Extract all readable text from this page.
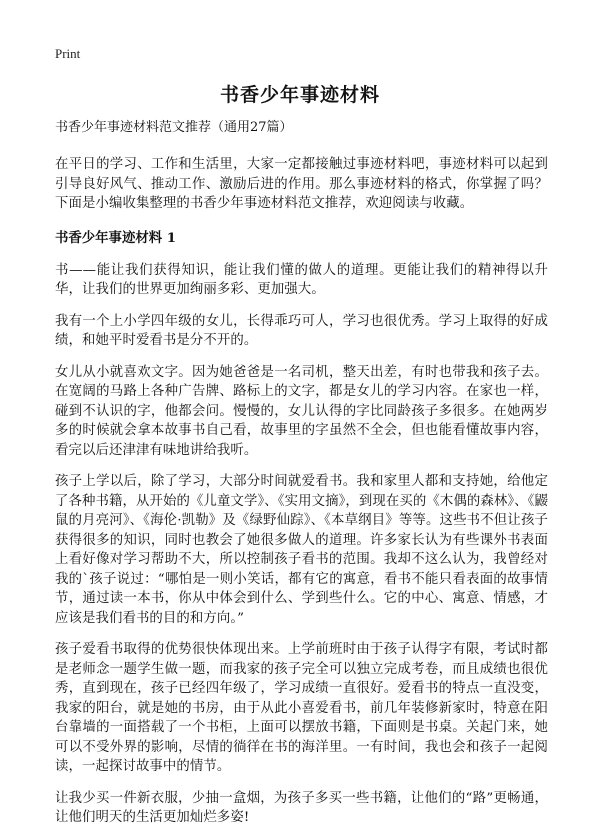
Print
书香少年事迹材料

书香少年事迹材料范文推荐（通用27篇）

在平日的学习、工作和生活里，大家一定都接触过事迹材料吧，事迹材料可以起到引导良好风气、推动工作、激励后进的作用。那么事迹材料的格式，你掌握了吗？下面是小编收集整理的书香少年事迹材料范文推荐，欢迎阅读与收藏。

书香少年事迹材料 1

书——能让我们获得知识，能让我们懂的做人的道理。更能让我们的精神得以升华，让我们的世界更加绚丽多彩、更加强大。

我有一个上小学四年级的女儿，长得乖巧可人，学习也很优秀。学习上取得的好成绩，和她平时爱看书是分不开的。

女儿从小就喜欢文字。因为她爸爸是一名司机，整天出差，有时也带我和孩子去。在宽阔的马路上各种广告牌、路标上的文字，都是女儿的学习内容。在家也一样，碰到不认识的字，他都会问。慢慢的，女儿认得的字比同龄孩子多很多。在她两岁多的时候就会拿本故事书自己看，故事里的字虽然不全会，但也能看懂故事内容，看完以后还津津有味地讲给我听。

孩子上学以后，除了学习，大部分时间就爱看书。我和家里人都和支持她，给他定了各种书籍，从开始的《儿童文学》、《实用文摘》，到现在买的《木偶的森林》、《鼹鼠的月亮河》、《海伦·凯勒》及《绿野仙踪》、《本草纲目》等等。这些书不但让孩子获得很多的知识，同时也教会了她很多做人的道理。许多家长认为有些课外书表面上看好像对学习帮助不大，所以控制孩子看书的范围。我却不这么认为，我曾经对我的`孩子说过：“哪怕是一则小笑话，都有它的寓意，看书不能只看表面的故事情节，通过读一本书，你从中体会到什么、学到些什么。它的中心、寓意、情感，才应该是我们看书的目的和方向。”

孩子爱看书取得的优势很快体现出来。上学前班时由于孩子认得字有限，考试时都是老师念一题学生做一题，而我家的孩子完全可以独立完成考卷，而且成绩也很优秀，直到现在，孩子已经四年级了，学习成绩一直很好。爱看书的特点一直没变，我家的阳台，就是她的书房，由于从此小喜爱看书，前几年装修新家时，特意在阳台靠墙的一面搭载了一个书柜，上面可以摆放书籍，下面则是书桌。关起门来，她可以不受外界的影响，尽情的徜徉在书的海洋里。一有时间，我也会和孩子一起阅读，一起探讨故事中的情节。

让我少买一件新衣服，少抽一盒烟，为孩子多买一些书籍，让他们的“路”更畅通，让他们明天的生活更加灿烂多姿!
